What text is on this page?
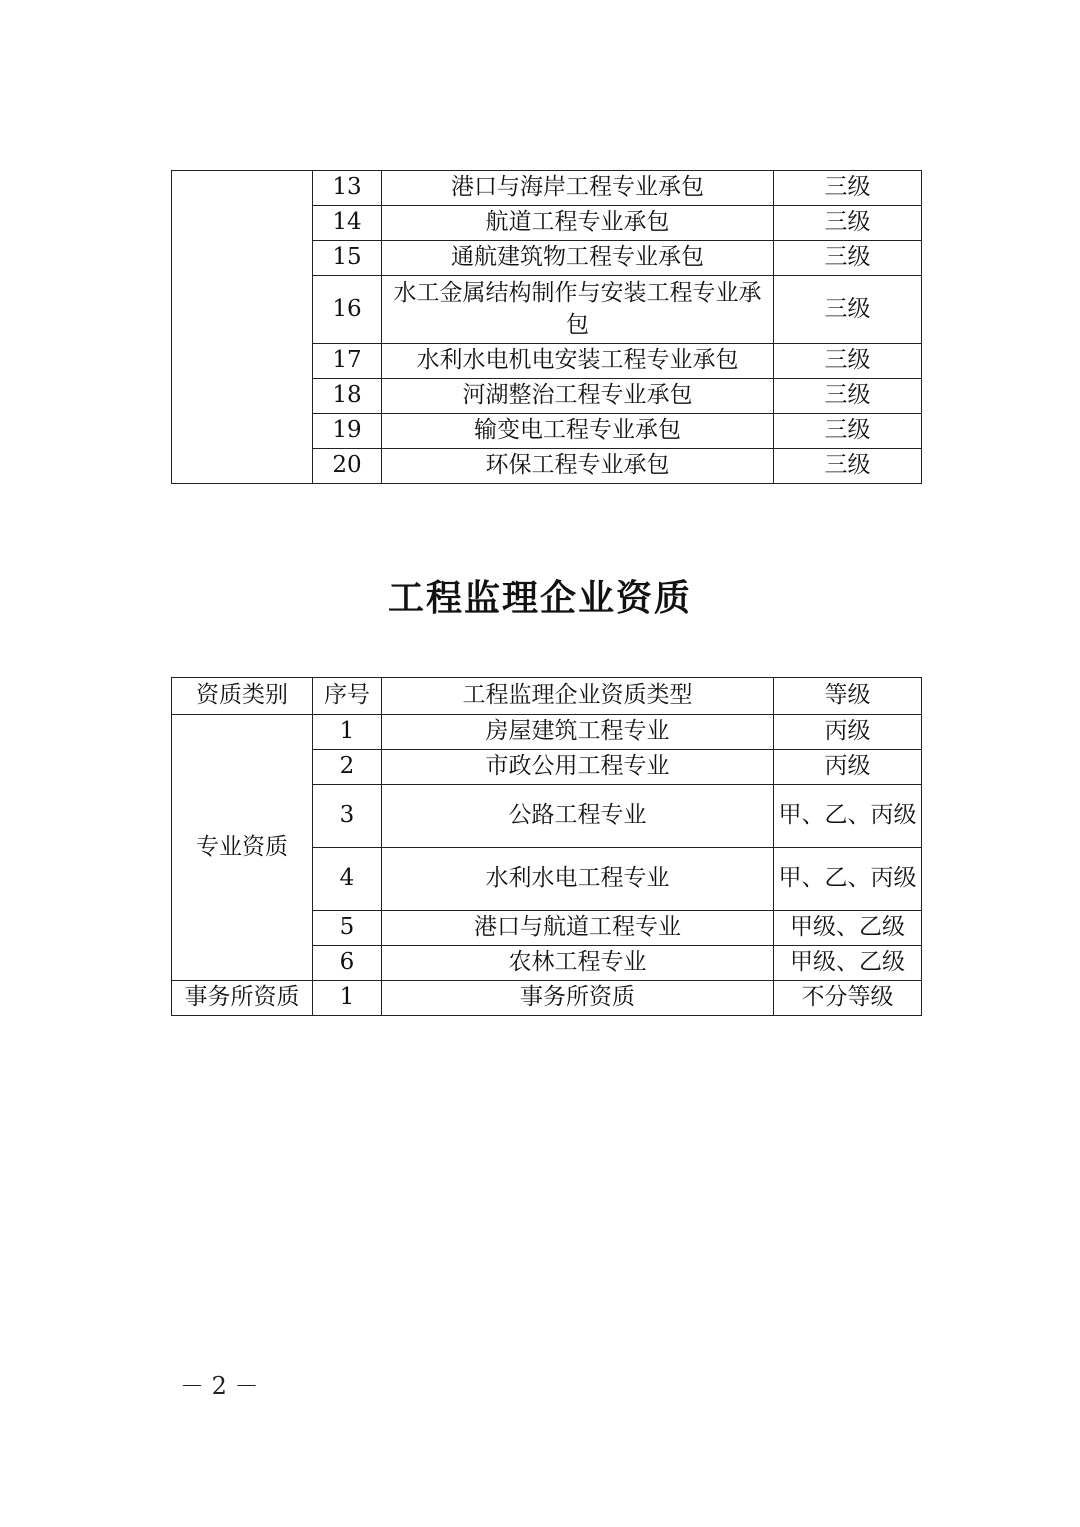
	13	港口与海岸工程专业承包	三级
	14	航道工程专业承包	三级
	15	通航建筑物工程专业承包	三级
	16	水工金属结构制作与安装工程专业承包	三级
	17	水利水电机电安装工程专业承包	三级
	18	河湖整治工程专业承包	三级
	19	输变电工程专业承包	三级
	20	环保工程专业承包	三级
工程监理企业资质
资质类别	序号	工程监理企业资质类型	等级
专业资质	1	房屋建筑工程专业	丙级
	2	市政公用工程专业	丙级
	3	公路工程专业	甲、乙、丙级
	4	水利水电工程专业	甲、乙、丙级
	5	港口与航道工程专业	甲级、乙级
	6	农林工程专业	甲级、乙级
事务所资质	1	事务所资质	不分等级
－ 2 －
